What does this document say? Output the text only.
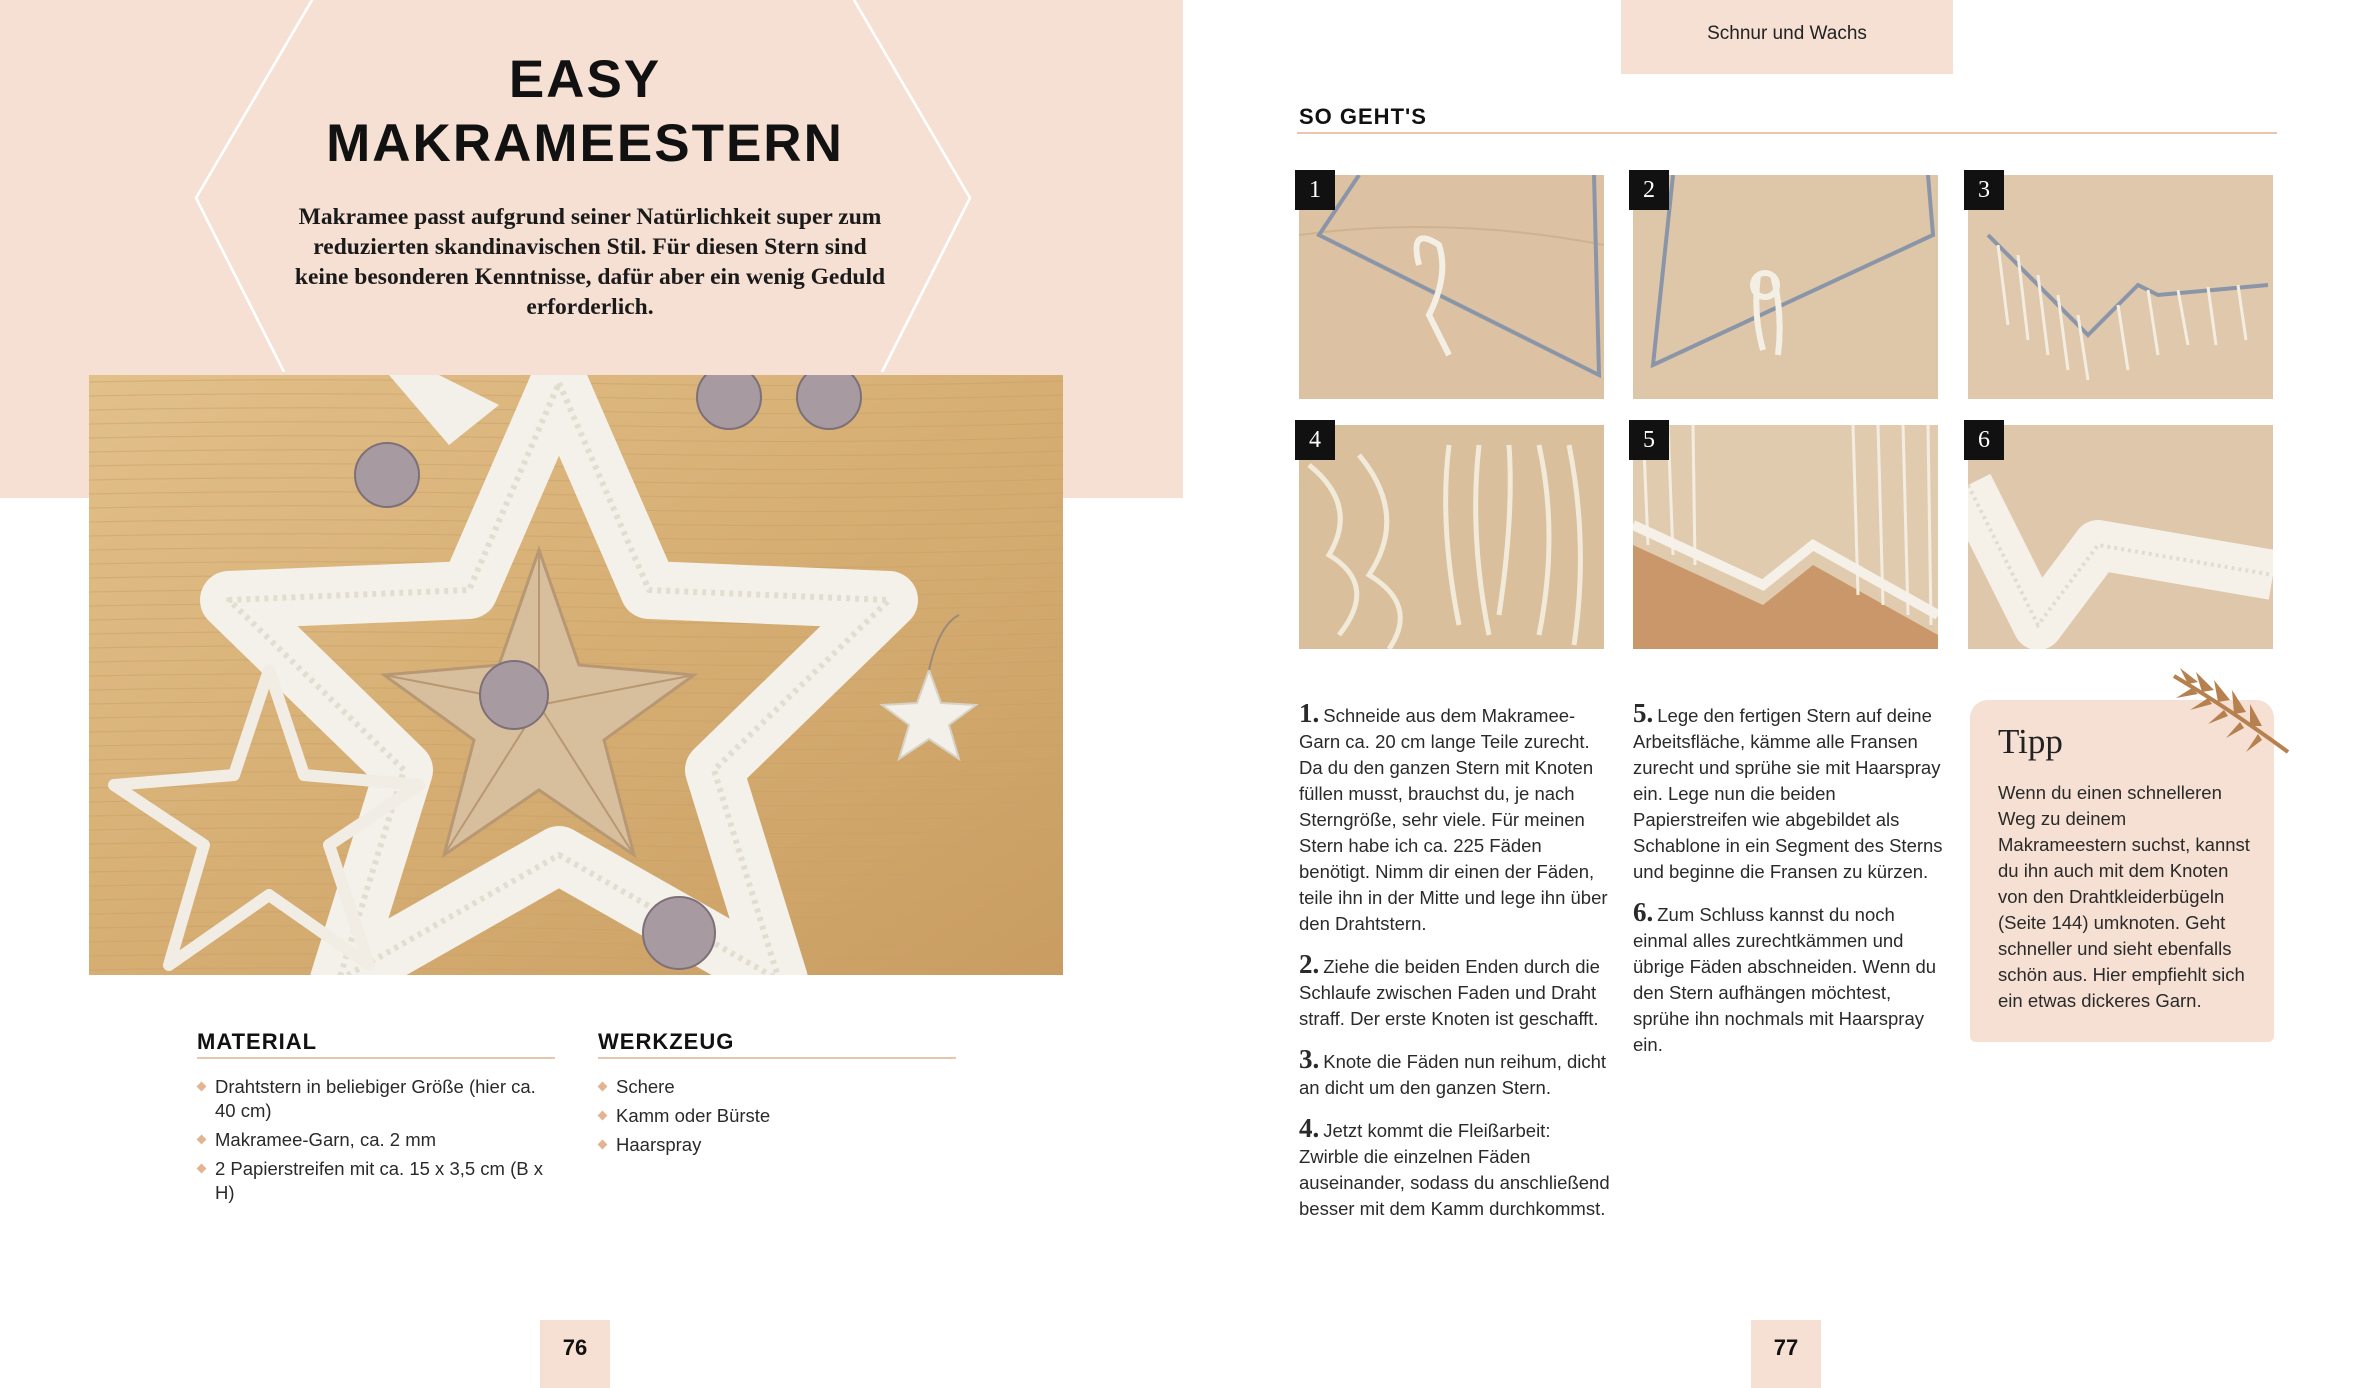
EASY
MAKRAMEESTERN

Makramee passt aufgrund seiner Natürlichkeit super zum reduzierten skandinavischen Stil. Für diesen Stern sind keine besonderen Kenntnisse, dafür aber ein wenig Geduld erforderlich.

MATERIAL
Drahtstern in beliebiger Größe (hier ca. 40 cm)
Makramee-Garn, ca. 2 mm
2 Papierstreifen mit ca. 15 x 3,5 cm (B x H)
WERKZEUG
Schere
Kamm oder Bürste
Haarspray
76
Schnur und Wachs
SO GEHT'S
1	2	3
4	5	6

1. Schneide aus dem Makramee-Garn ca. 20 cm lange Teile zurecht. Da du den ganzen Stern mit Knoten füllen musst, brauchst du, je nach Sterngröße, sehr viele. Für meinen Stern habe ich ca. 225 Fäden benötigt. Nimm dir einen der Fäden, teile ihn in der Mitte und lege ihn über den Drahtstern.

2. Ziehe die beiden Enden durch die Schlaufe zwischen Faden und Draht straff. Der erste Knoten ist geschafft.

3. Knote die Fäden nun reihum, dicht an dicht um den ganzen Stern.

4. Jetzt kommt die Fleißarbeit: Zwirble die einzelnen Fäden auseinander, sodass du anschließend besser mit dem Kamm durchkommst.

5. Lege den fertigen Stern auf deine Arbeitsfläche, kämme alle Fransen zurecht und sprühe sie mit Haarspray ein. Lege nun die beiden Papierstreifen wie abgebildet als Schablone in ein Segment des Sterns und beginne die Fransen zu kürzen.

6. Zum Schluss kannst du noch einmal alles zurechtkämmen und übrige Fäden abschneiden. Wenn du den Stern aufhängen möchtest, sprühe ihn nochmals mit Haarspray ein.

Tipp
Wenn du einen schnelleren Weg zu deinem Makrameestern suchst, kannst du ihn auch mit dem Knoten von den Drahtkleiderbügeln (Seite 144) umknoten. Geht schneller und sieht ebenfalls schön aus. Hier empfiehlt sich ein etwas dickeres Garn.
77
